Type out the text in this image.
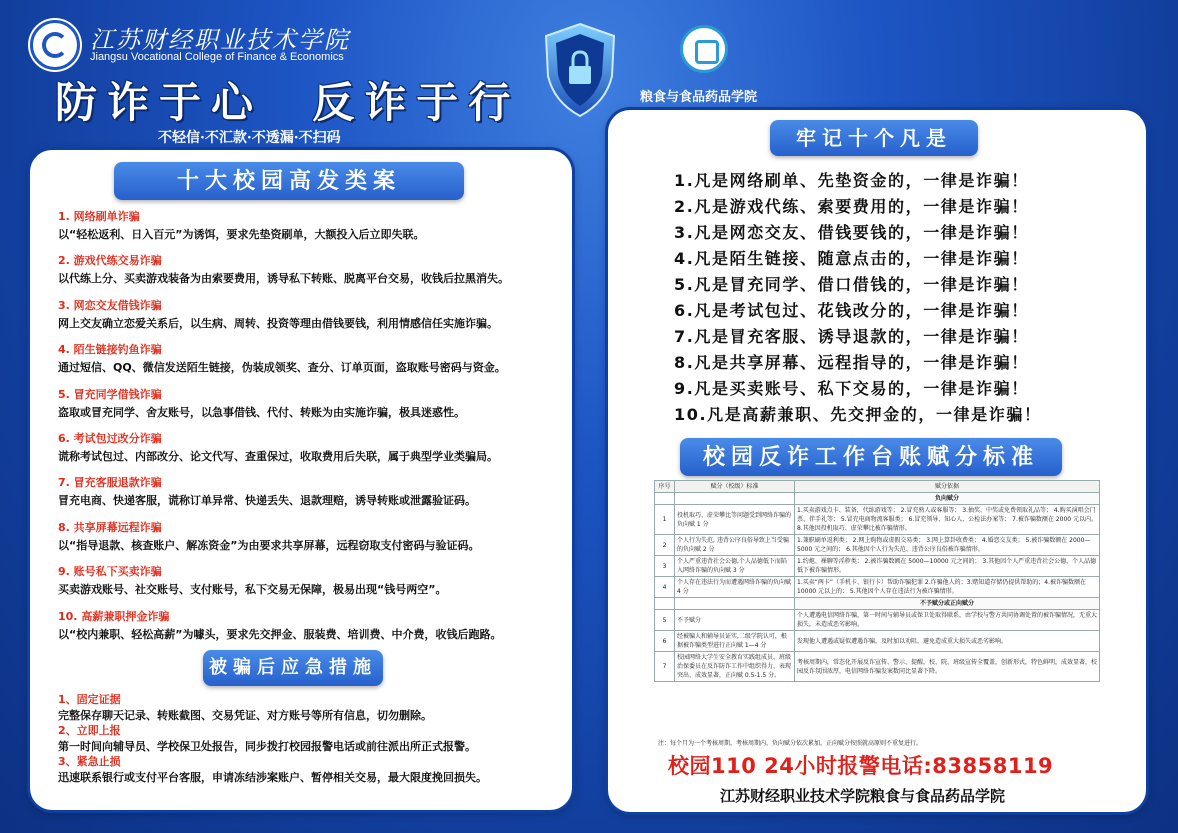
江苏财经职业技术学院
Jiangsu Vocational College of Finance & Economics
防诈于心 反诈于行
不轻信·不汇款·不透漏·不扫码
粮食与食品药品学院
十大校园高发类案
1. 网络刷单诈骗
以“轻松返利、日入百元”为诱饵，要求先垫资刷单，大额投入后立即失联。
2. 游戏代练交易诈骗
以代练上分、买卖游戏装备为由索要费用，诱导私下转账、脱离平台交易，收钱后拉黑消失。
3. 网恋交友借钱诈骗
网上交友确立恋爱关系后，以生病、周转、投资等理由借钱要钱，利用情感信任实施诈骗。
4. 陌生链接钓鱼诈骗
通过短信、QQ、微信发送陌生链接，伪装成领奖、查分、订单页面，盗取账号密码与资金。
5. 冒充同学借钱诈骗
盗取或冒充同学、舍友账号，以急事借钱、代付、转账为由实施诈骗，极具迷惑性。
6. 考试包过改分诈骗
谎称考试包过、内部改分、论文代写、查重保过，收取费用后失联，属于典型学业类骗局。
7. 冒充客服退款诈骗
冒充电商、快递客服，谎称订单异常、快递丢失、退款理赔，诱导转账或泄露验证码。
8. 共享屏幕远程诈骗
以“指导退款、核查账户、解冻资金”为由要求共享屏幕，远程窃取支付密码与验证码。
9. 账号私下买卖诈骗
买卖游戏账号、社交账号、支付账号，私下交易无保障，极易出现“钱号两空”。
10. 高薪兼职押金诈骗
以“校内兼职、轻松高薪”为噱头，要求先交押金、服装费、培训费、中介费，收钱后跑路。
被骗后应急措施
1、固定证据
完整保存聊天记录、转账截图、交易凭证、对方账号等所有信息，切勿删除。
2、立即上报
第一时间向辅导员、学校保卫处报告，同步拨打校园报警电话或前往派出所正式报警。
3、紧急止损
迅速联系银行或支付平台客服，申请冻结涉案账户、暂停相关交易，最大限度挽回损失。
牢记十个凡是
1.凡是网络刷单、先垫资金的，一律是诈骗！
2.凡是游戏代练、索要费用的，一律是诈骗！
3.凡是网恋交友、借钱要钱的，一律是诈骗！
4.凡是陌生链接、随意点击的，一律是诈骗！
5.凡是冒充同学、借口借钱的，一律是诈骗！
6.凡是考试包过、花钱改分的，一律是诈骗！
7.凡是冒充客服、诱导退款的，一律是诈骗！
8.凡是共享屏幕、远程指导的，一律是诈骗！
9.凡是买卖账号、私下交易的，一律是诈骗！
10.凡是高薪兼职、先交押金的，一律是诈骗！
校园反诈工作台账赋分标准
序号	赋分（校级）标准	赋分依据
		负向赋分
1	投机取巧、虚荣攀比等问题受到网络诈骗的负向赋 1 分	1.买卖游戏点卡、装备，代练游戏等； 2.冒充熟人或客服等； 3.抽奖、中奖或免费领取礼品等； 4.购买演唱会门票、伴手礼等； 5.冒充电商物流客服类； 6.冒充领导、知心人、公检法办案等； 7.被诈骗数额在 2000 元以内。 8.其他因投机取巧、虚荣攀比被诈骗情形。
2	个人行为失范, 违背公序良俗导致上当受骗的负向赋 2 分	1.兼职刷单返利类； 2.网上购物或虚假交易类； 3.网上算卦收费类； 4.婚恋交友类； 5.被诈骗数额在 2000—5000 元之间的； 6.其他因个人行为失范、违背公序良俗被诈骗情形。
3	个人严重违背社会公德,个人品德低下而陷入网络诈骗的负向赋 3 分	1.约炮、裸聊等淫秽类； 2.被诈骗数额在 5000—10000 元之间的； 3.其他因个人严重违背社会公德，个人品德低下被诈骗情形。
4	个人存在违法行为而遭遇网络诈骗的负向赋 4 分	1.买卖“两卡”（手机卡、银行卡）帮助诈骗犯罪 2.诈骗他人的；3.赌知道存储仍提供帮助的；4.被诈骗数额在 10000 元以上的； 5.其他因个人存在违法行为被诈骗情形。
		不予赋分或正向赋分
5	不予赋分	个人遭遇电信网络诈骗，第一时间与辅导员或保卫处取得联系，由学校与警方共同协调处置的被诈骗情况，无重大损失，未造成恶劣影响。
6	经被骗人和辅导员证实,二级学院认可，根据被诈骗类型进行正向赋 1—4 分	发现他人遭遇或疑似遭遇诈骗，及时加以劝阻，避免造成重大损失或恶劣影响。
7	校园网络大学生安全教育实践组成员、班级治保委员在反诈防诈工作中组织得力、表现突出、成效显著，正向赋 0.5-1.5 分。	考核周期内，常态化开展反诈宣传、警示、提醒，校、院、班级宣传全覆盖，创新形式，特色鲜明，成效显著，校园反诈氛围浓厚，电信网络诈骗发案数同比显著下降。
注：每个月为一个考核周期，考核周期内，负向赋分依次累加，正向赋分按照就高原则不重复进行。
校园110 24小时报警电话:83858119
江苏财经职业技术学院粮食与食品药品学院
